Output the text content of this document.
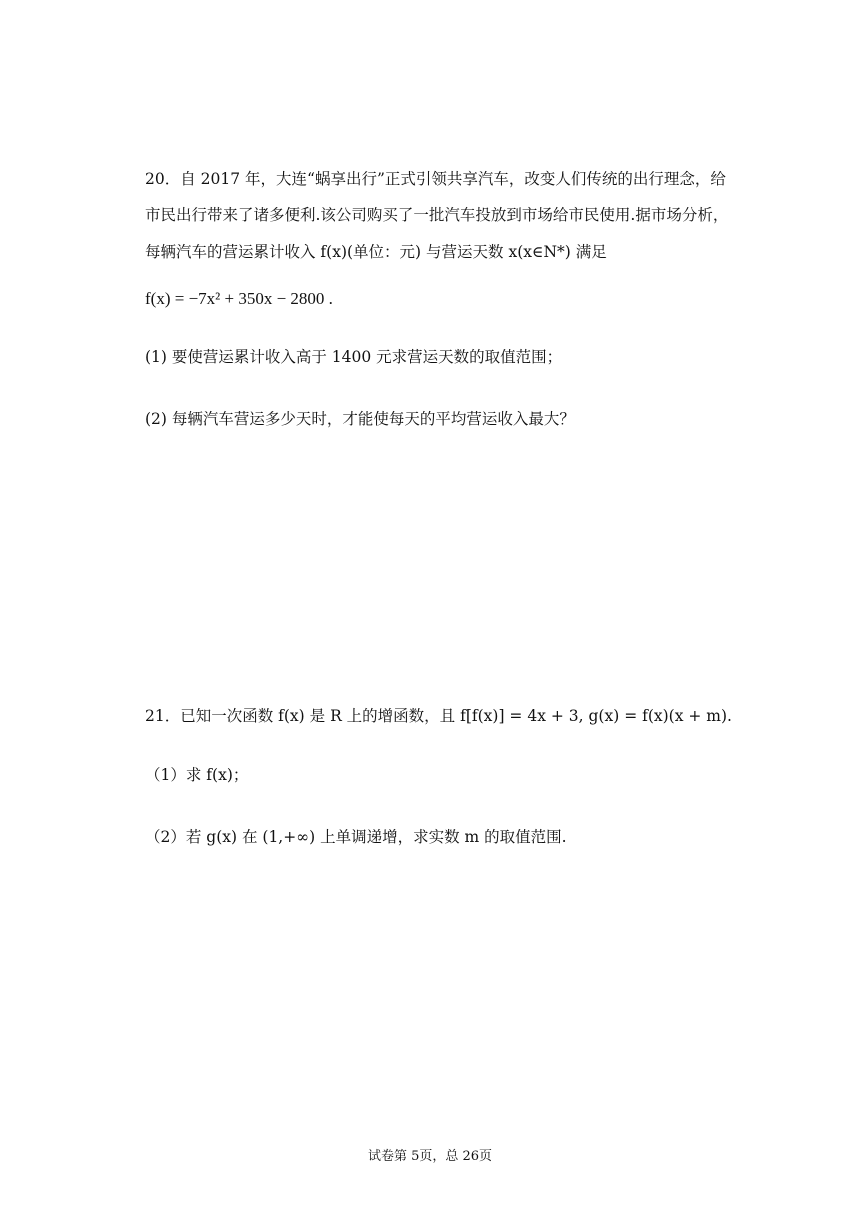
20．自 2017 年，大连“蜗享出行”正式引领共享汽车，改变人们传统的出行理念，给
市民出行带来了诸多便利.该公司购买了一批汽车投放到市场给市民使用.据市场分析，
每辆汽车的营运累计收入 f(x)(单位：元) 与营运天数 x(x∈N*) 满足
f(x) = −7x² + 350x − 2800 .
(1) 要使营运累计收入高于 1400 元求营运天数的取值范围；
(2) 每辆汽车营运多少天时，才能使每天的平均营运收入最大？
21．已知一次函数 f(x) 是 R 上的增函数，且 f[f(x)] = 4x + 3, g(x) = f(x)(x + m).
（1）求 f(x)；
（2）若 g(x) 在 (1,+∞) 上单调递增，求实数 m 的取值范围.
试卷第 5页，总 26页
